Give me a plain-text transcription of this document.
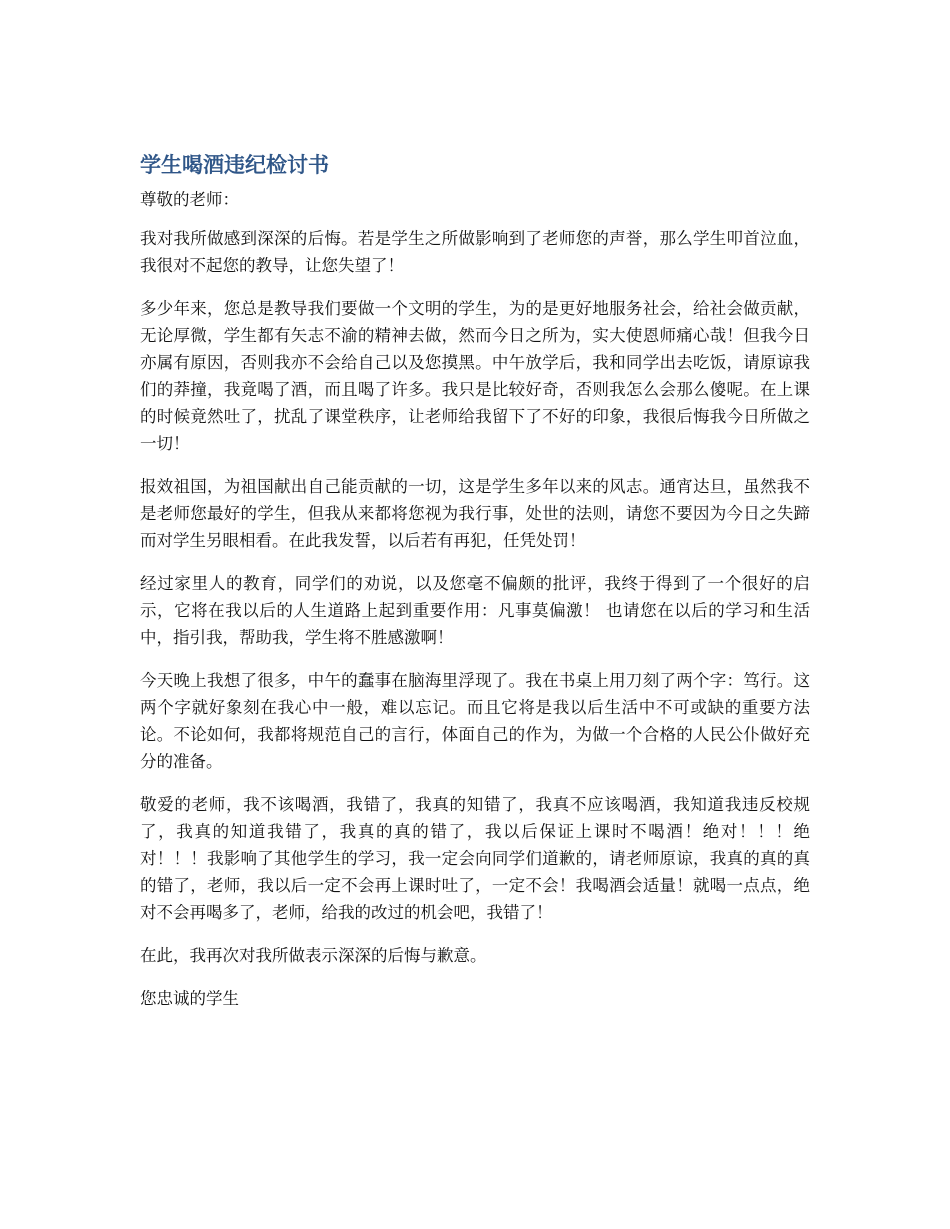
学生喝酒违纪检讨书
尊敬的老师：

我对我所做感到深深的后悔。若是学生之所做影响到了老师您的声誉，那么学生叩首泣血，我很对不起您的教导，让您失望了！

多少年来，您总是教导我们要做一个文明的学生，为的是更好地服务社会，给社会做贡献，无论厚微，学生都有矢志不渝的精神去做，然而今日之所为，实大使恩师痛心哉！但我今日亦属有原因，否则我亦不会给自己以及您摸黑。中午放学后，我和同学出去吃饭，请原谅我们的莽撞，我竟喝了酒，而且喝了许多。我只是比较好奇，否则我怎么会那么傻呢。在上课的时候竟然吐了，扰乱了课堂秩序，让老师给我留下了不好的印象，我很后悔我今日所做之一切！

报效祖国，为祖国献出自己能贡献的一切，这是学生多年以来的风志。通宵达旦，虽然我不是老师您最好的学生，但我从来都将您视为我行事，处世的法则，请您不要因为今日之失蹄而对学生另眼相看。在此我发誓，以后若有再犯，任凭处罚！

经过家里人的教育，同学们的劝说，以及您毫不偏颇的批评，我终于得到了一个很好的启示，它将在我以后的人生道路上起到重要作用：凡事莫偏激！ 也请您在以后的学习和生活中，指引我，帮助我，学生将不胜感激啊！

今天晚上我想了很多，中午的蠢事在脑海里浮现了。我在书桌上用刀刻了两个字：笃行。这两个字就好象刻在我心中一般，难以忘记。而且它将是我以后生活中不可或缺的重要方法论。不论如何，我都将规范自己的言行，体面自己的作为，为做一个合格的人民公仆做好充分的准备。

敬爱的老师，我不该喝酒，我错了，我真的知错了，我真不应该喝酒，我知道我违反校规了，我真的知道我错了，我真的真的错了，我以后保证上课时不喝酒！绝对！！！绝对！！！我影响了其他学生的学习，我一定会向同学们道歉的，请老师原谅，我真的真的真的错了，老师，我以后一定不会再上课时吐了，一定不会！我喝酒会适量！就喝一点点，绝对不会再喝多了，老师，给我的改过的机会吧，我错了！

在此，我再次对我所做表示深深的后悔与歉意。

您忠诚的学生
